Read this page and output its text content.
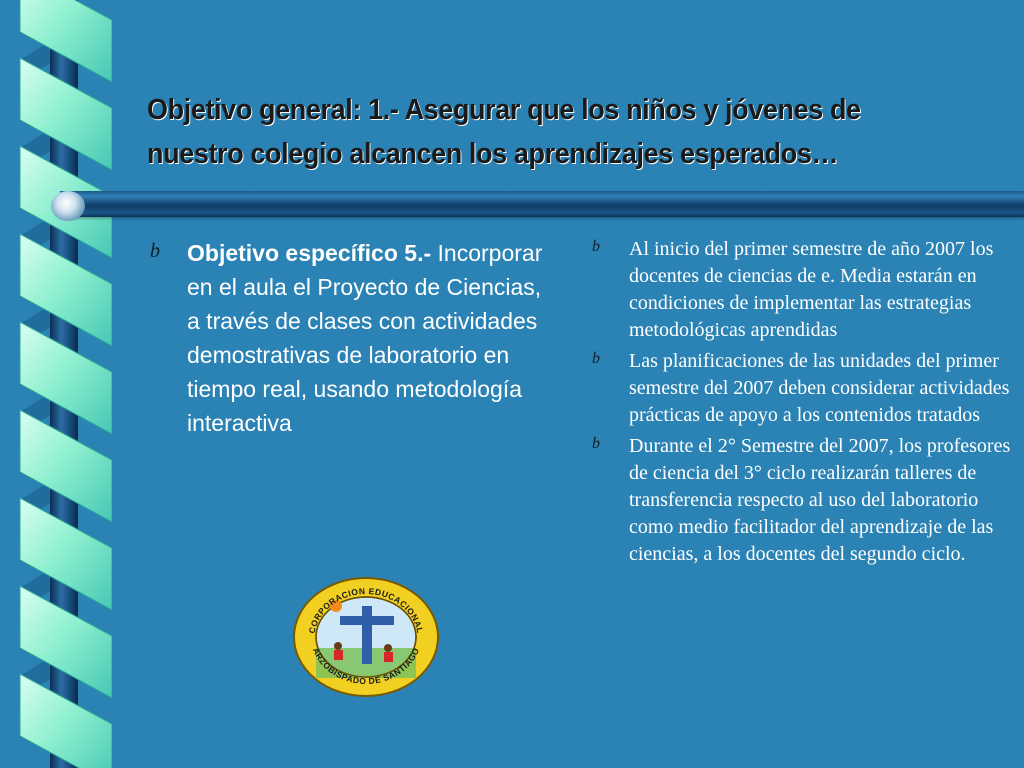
Objetivo general: 1.- Asegurar que los niños y jóvenes de
nuestro colegio alcancen los aprendizajes esperados…
b Objetivo específico 5.- Incorporar en el aula el Proyecto de Ciencias, a través de clases con actividades demostrativas de laboratorio en tiempo real, usando metodología interactiva
b Al inicio del primer semestre de año 2007 los docentes de ciencias de e. Media estarán en condiciones de implementar las estrategias metodológicas aprendidas
b Las planificaciones de las unidades del primer semestre del 2007 deben considerar actividades prácticas de apoyo a los contenidos tratados
b Durante el 2° Semestre del 2007, los profesores de ciencia del 3° ciclo realizarán talleres de transferencia respecto al uso del laboratorio como medio facilitador del aprendizaje de las ciencias, a los docentes del segundo ciclo.
CORPORACION EDUCACIONAL
ARZOBISPADO DE SANTIAGO
